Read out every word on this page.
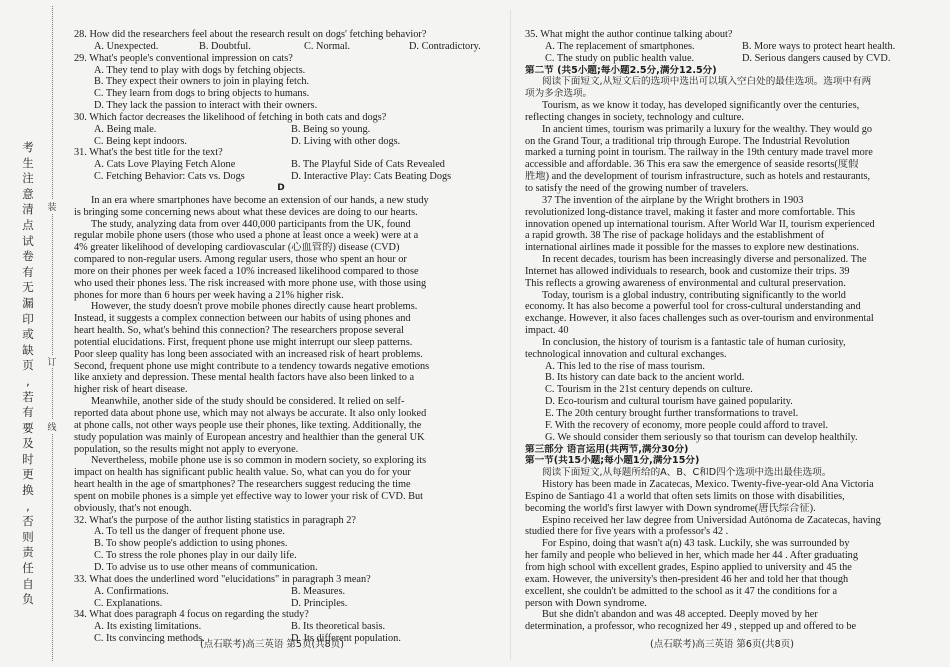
考
生
注
意
清
点
试
卷
有
无
漏
印
或
缺
页
,
若
有
要
及
时
更
换
,
否
则
责
任
自
负
装
订
线
28. How did the researchers feel about the research result on dogs' fetching behavior?
A. Unexpected.	B. Doubtful.	C. Normal.	D. Contradictory.
29. What's people's conventional impression on cats?
A. They tend to play with dogs by fetching objects.
B. They expect their owners to join in playing fetch.
C. They learn from dogs to bring objects to humans.
D. They lack the passion to interact with their owners.
30. Which factor decreases the likelihood of fetching in both cats and dogs?
A. Being male.	B. Being so young.
C. Being kept indoors.	D. Living with other dogs.
31. What's the best title for the text?
A. Cats Love Playing Fetch Alone	B. The Playful Side of Cats Revealed
C. Fetching Behavior: Cats vs. Dogs	D. Interactive Play: Cats Beating Dogs
D
In an era where smartphones have become an extension of our hands, a new study
is bringing some concerning news about what these devices are doing to our hearts.
The study, analyzing data from over 440,000 participants from the UK, found
regular mobile phone users (those who used a phone at least once a week) were at a
4% greater likelihood of developing cardiovascular (心血管的) disease (CVD)
compared to non-regular users. Among regular users, those who spent an hour or
more on their phones per week faced a 10% increased likelihood compared to those
who used their phones less. The risk increased with more phone use, with those using
phones for more than 6 hours per week having a 21% higher risk.
However, the study doesn't prove mobile phones directly cause heart problems.
Instead, it suggests a complex connection between our habits of using phones and
heart health. So, what's behind this connection? The researchers propose several
potential elucidations. First, frequent phone use might interrupt our sleep patterns.
Poor sleep quality has long been associated with an increased risk of heart problems.
Second, frequent phone use might contribute to a tendency towards negative emotions
like anxiety and depression. These mental health factors have also been linked to a
higher risk of heart disease.
Meanwhile, another side of the study should be considered. It relied on self-
reported data about phone use, which may not always be accurate. It also only looked
at phone calls, not other ways people use their phones, like texting. Additionally, the
study population was mainly of European ancestry and healthier than the general UK
population, so the results might not apply to everyone.
Nevertheless, mobile phone use is so common in modern society, so exploring its
impact on health has significant public health value. So, what can you do for your
heart health in the age of smartphones? The researchers suggest reducing the time
spent on mobile phones is a simple yet effective way to lower your risk of CVD. But
obviously, that's not enough.
32. What's the purpose of the author listing statistics in paragraph 2?
A. To tell us the danger of frequent phone use.
B. To show people's addiction to using phones.
C. To stress the role phones play in our daily life.
D. To advise us to use other means of communication.
33. What does the underlined word "elucidations" in paragraph 3 mean?
A. Confirmations.	B. Measures.
C. Explanations.	D. Principles.
34. What does paragraph 4 focus on regarding the study?
A. Its existing limitations.	B. Its theoretical basis.
C. Its convincing methods.	D. Its different population.
35. What might the author continue talking about?
A. The replacement of smartphones.	B. More ways to protect heart health.
C. The study on public health value.	D. Serious dangers caused by CVD.
第二节 (共5小题;每小题2.5分,满分12.5分)
阅读下面短文,从短文后的选项中选出可以填入空白处的最佳选项。选项中有两
项为多余选项。
Tourism, as we know it today, has developed significantly over the centuries,
reflecting changes in society, technology and culture.
In ancient times, tourism was primarily a luxury for the wealthy. They would go
on the Grand Tour, a traditional trip through Europe. The Industrial Revolution
marked a turning point in tourism. The railway in the 19th century made travel more
accessible and affordable. 36 This era saw the emergence of seaside resorts(度假
胜地) and the development of tourism infrastructure, such as hotels and restaurants,
to satisfy the need of the growing number of travelers.
37 The invention of the airplane by the Wright brothers in 1903
revolutionized long-distance travel, making it faster and more comfortable. This
innovation opened up international tourism. After World War II, tourism experienced
a rapid growth. 38 The rise of package holidays and the establishment of
international airlines made it possible for the masses to explore new destinations.
In recent decades, tourism has been increasingly diverse and personalized. The
Internet has allowed individuals to research, book and customize their trips. 39
This reflects a growing awareness of environmental and cultural preservation.
Today, tourism is a global industry, contributing significantly to the world
economy. It has also become a powerful tool for cross-cultural understanding and
exchange. However, it also faces challenges such as over-tourism and environmental
impact. 40
In conclusion, the history of tourism is a fantastic tale of human curiosity,
technological innovation and cultural exchanges.
A. This led to the rise of mass tourism.
B. Its history can date back to the ancient world.
C. Tourism in the 21st century depends on culture.
D. Eco-tourism and cultural tourism have gained popularity.
E. The 20th century brought further transformations to travel.
F. With the recovery of economy, more people could afford to travel.
G. We should consider them seriously so that tourism can develop healthily.
第三部分 语言运用(共两节,满分30分)
第一节(共15小题;每小题1分,满分15分)
阅读下面短文,从每题所给的A、B、C和D四个选项中选出最佳选项。
History has been made in Zacatecas, Mexico. Twenty-five-year-old Ana Victoria
Espino de Santiago 41 a world that often sets limits on those with disabilities,
becoming the world's first lawyer with Down syndrome(唐氏综合征).
Espino received her law degree from Universidad Autónoma de Zacatecas, having
studied there for five years with a professor's 42 .
For Espino, doing that wasn't a(n) 43 task. Luckily, she was surrounded by
her family and people who believed in her, which made her 44 . After graduating
from high school with excellent grades, Espino applied to university and 45 the
exam. However, the university's then-president 46 her and told her that though
excellent, she couldn't be admitted to the school as it 47 the conditions for a
person with Down syndrome.
But she didn't abandon and was 48 accepted. Deeply moved by her
determination, a professor, who recognized her 49 , stepped up and offered to be
(点石联考)高三英语 第5页(共8页)	(点石联考)高三英语 第6页(共8页)
